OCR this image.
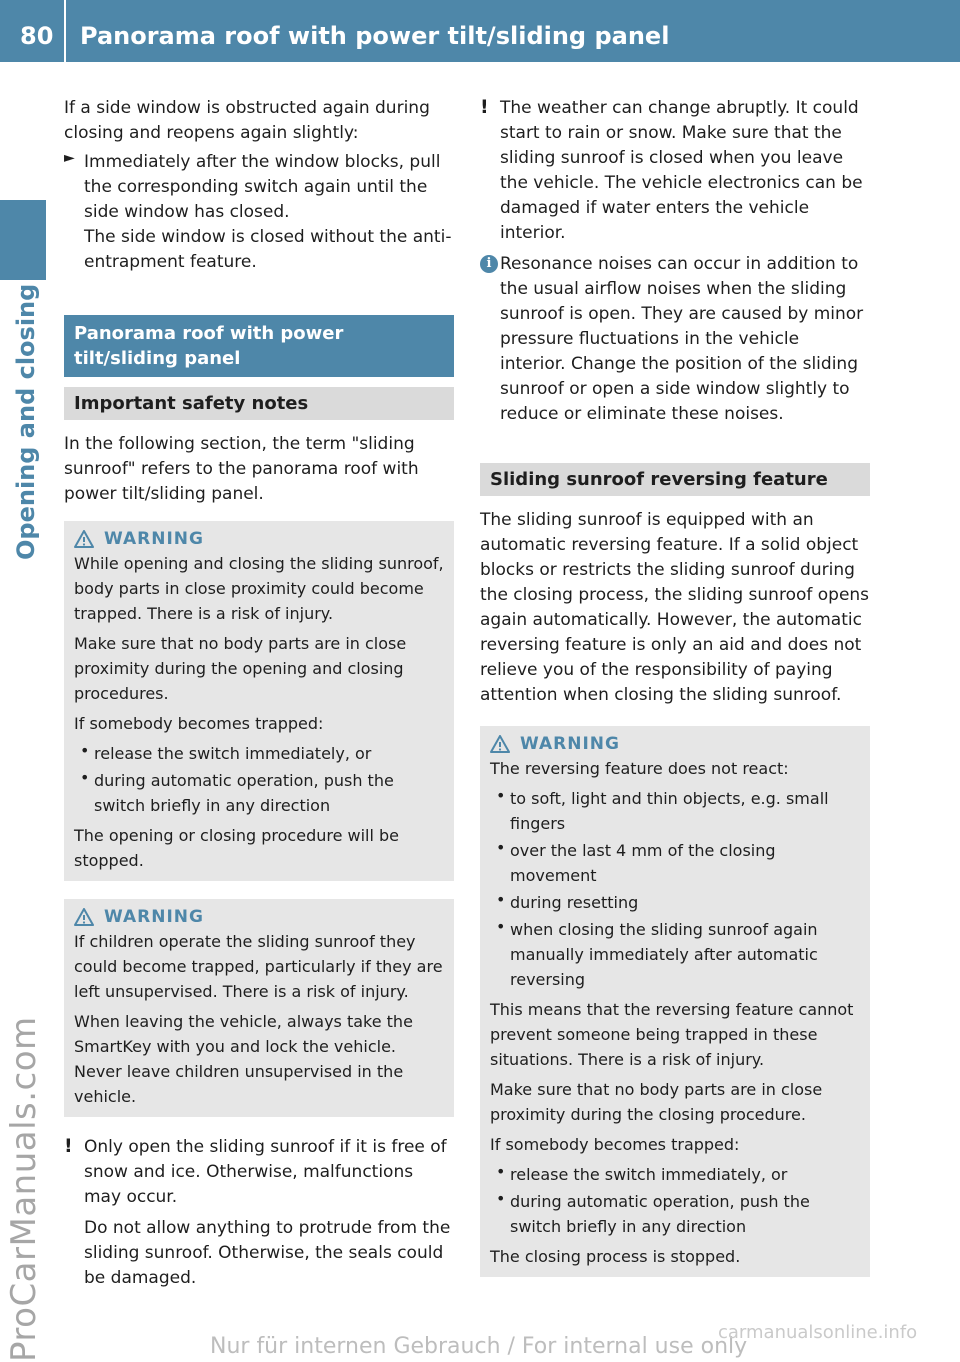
80 Panorama roof with power tilt/sliding panel
Opening and closing
ProCarManuals.com

If a side window is obstructed again during closing and reopens again slightly:

► Immediately after the window blocks, pull the corresponding switch again until the side window has closed.

The side window is closed without the anti-entrapment feature.

Panorama roof with power tilt/sliding panel
Important safety notes

In the following section, the term "sliding sunroof" refers to the panorama roof with power tilt/sliding panel.

WARNING

While opening and closing the sliding sunroof, body parts in close proximity could become trapped. There is a risk of injury.

Make sure that no body parts are in close proximity during the opening and closing procedures.

If somebody becomes trapped:

• release the switch immediately, or

• during automatic operation, push the switch briefly in any direction

The opening or closing procedure will be stopped.

WARNING

If children operate the sliding sunroof they could become trapped, particularly if they are left unsupervised. There is a risk of injury.

When leaving the vehicle, always take the SmartKey with you and lock the vehicle. Never leave children unsupervised in the vehicle.

! Only open the sliding sunroof if it is free of snow and ice. Otherwise, malfunctions may occur.

Do not allow anything to protrude from the sliding sunroof. Otherwise, the seals could be damaged.

! The weather can change abruptly. It could start to rain or snow. Make sure that the sliding sunroof is closed when you leave the vehicle. The vehicle electronics can be damaged if water enters the vehicle interior.

i Resonance noises can occur in addition to the usual airflow noises when the sliding sunroof is open. They are caused by minor pressure fluctuations in the vehicle interior. Change the position of the sliding sunroof or open a side window slightly to reduce or eliminate these noises.

Sliding sunroof reversing feature

The sliding sunroof is equipped with an automatic reversing feature. If a solid object blocks or restricts the sliding sunroof during the closing process, the sliding sunroof opens again automatically. However, the automatic reversing feature is only an aid and does not relieve you of the responsibility of paying attention when closing the sliding sunroof.

WARNING

The reversing feature does not react:

• to soft, light and thin objects, e.g. small fingers

• over the last 4 mm of the closing movement

• during resetting

• when closing the sliding sunroof again manually immediately after automatic reversing

This means that the reversing feature cannot prevent someone being trapped in these situations. There is a risk of injury.

Make sure that no body parts are in close proximity during the closing procedure.

If somebody becomes trapped:

• release the switch immediately, or

• during automatic operation, push the switch briefly in any direction

The closing process is stopped.

Nur für internen Gebrauch / For internal use only
carmanualsonline.info
